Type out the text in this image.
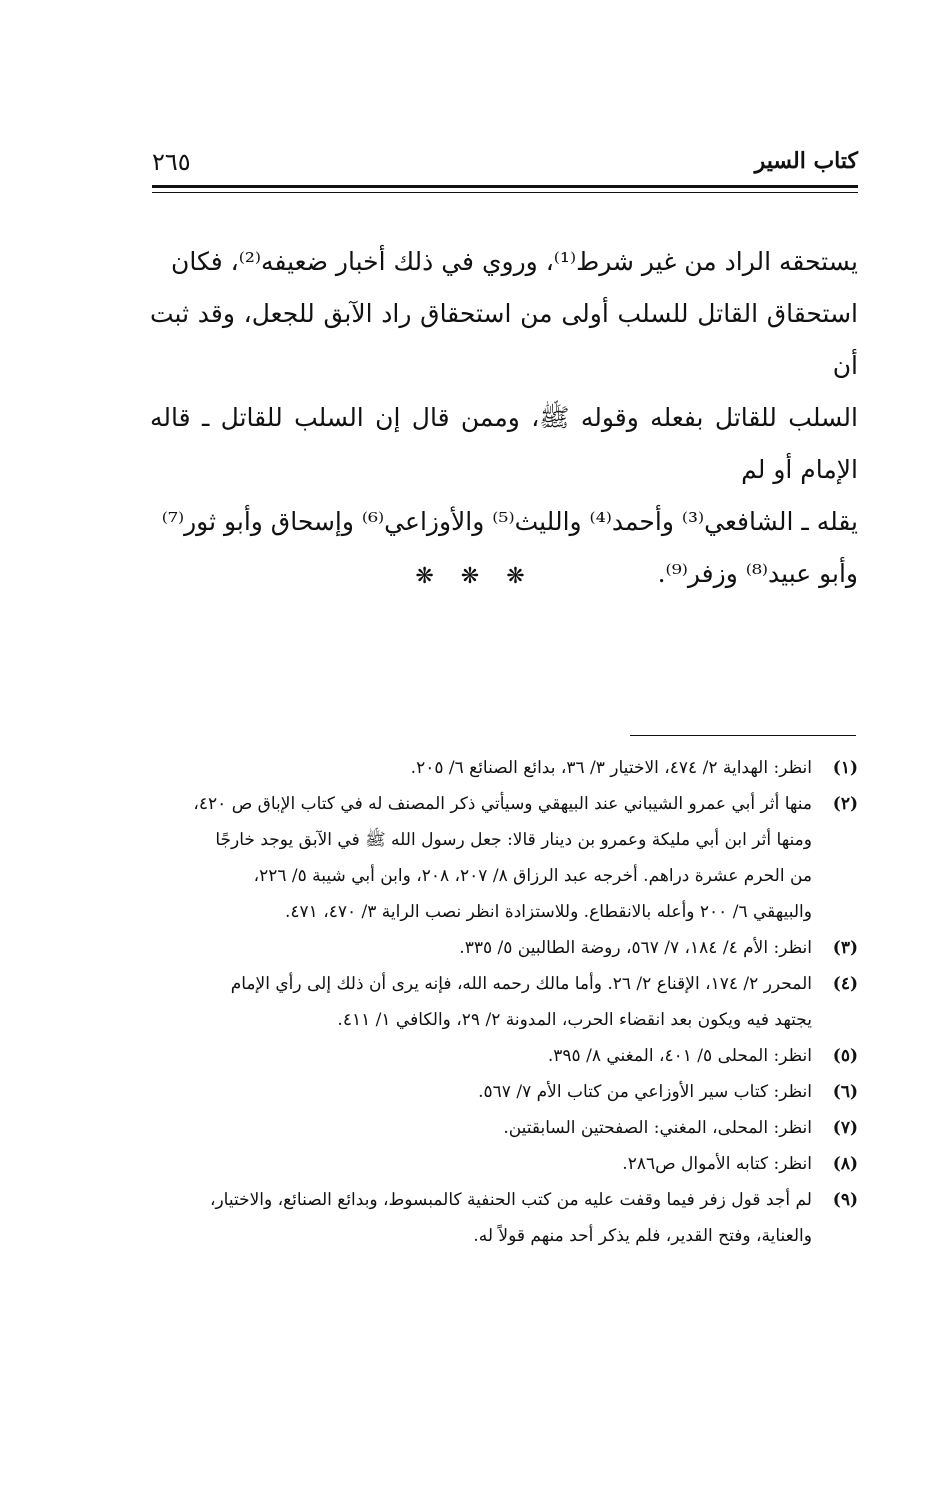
٢٦٥	كتاب السير

يستحقه الراد من غير شرط⁽¹⁾، وروي في ذلك أخبار ضعيفه⁽²⁾، فكان

استحقاق القاتل للسلب أولى من استحقاق راد الآبق للجعل، وقد ثبت أن

السلب للقاتل بفعله وقوله ﷺ، وممن قال إن السلب للقاتل ـ قاله الإمام أو لم

يقله ـ الشافعي⁽³⁾ وأحمد⁽⁴⁾ والليث⁽⁵⁾ والأوزاعي⁽⁶⁾ وإسحاق وأبو ثور⁽⁷⁾

وأبو عبيد⁽⁸⁾ وزفر⁽⁹⁾.

❋ ❋ ❋
(١)
انظر: الهداية ٢/ ٤٧٤، الاختيار ٣/ ٣٦، بدائع الصنائع ٦/ ٢٠٥.
(٢)
منها أثر أبي عمرو الشيباني عند البيهقي وسيأتي ذكر المصنف له في كتاب الإباق ص ٤٢٠،
ومنها أثر ابن أبي مليكة وعمرو بن دينار قالا: جعل رسول الله ﷺ في الآبق يوجد خارجًا
من الحرم عشرة دراهم. أخرجه عبد الرزاق ٨/ ٢٠٧، ٢٠٨، وابن أبي شيبة ٥/ ٢٢٦،
والبيهقي ٦/ ٢٠٠ وأعله بالانقطاع. وللاستزادة انظر نصب الراية ٣/ ٤٧٠، ٤٧١.
(٣)
انظر: الأم ٤/ ١٨٤، ٧/ ٥٦٧، روضة الطالبين ٥/ ٣٣٥.
(٤)
المحرر ٢/ ١٧٤، الإقناع ٢/ ٢٦. وأما مالك رحمه الله، فإنه يرى أن ذلك إلى رأي الإمام
يجتهد فيه ويكون بعد انقضاء الحرب، المدونة ٢/ ٢٩، والكافي ١/ ٤١١.
(٥)
انظر: المحلى ٥/ ٤٠١، المغني ٨/ ٣٩٥.
(٦)
انظر: كتاب سير الأوزاعي من كتاب الأم ٧/ ٥٦٧.
(٧)
انظر: المحلى، المغني: الصفحتين السابقتين.
(٨)
انظر: كتابه الأموال ص٢٨٦.
(٩)
لم أجد قول زفر فيما وقفت عليه من كتب الحنفية كالمبسوط، وبدائع الصنائع، والاختيار،
والعناية، وفتح القدير، فلم يذكر أحد منهم قولاً له.
